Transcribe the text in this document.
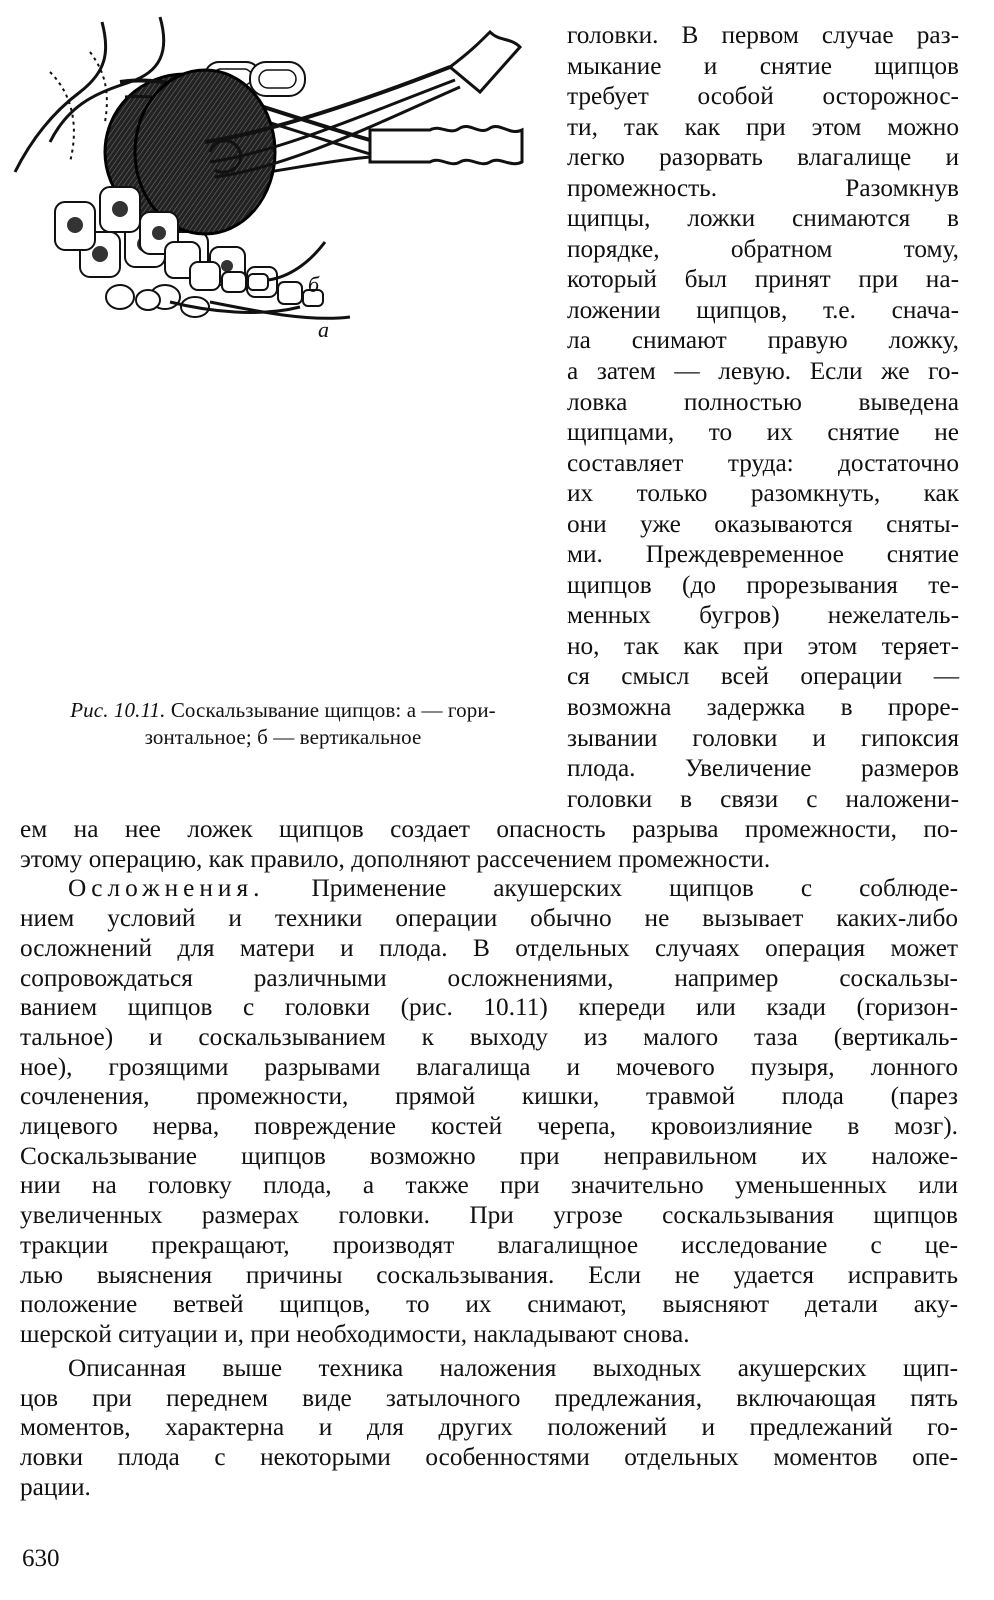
а
б
Рис. 10.11. Соскальзывание щипцов: а — гори-
зонтальное; б — вертикальное
головки. В первом случае раз-
мыкание и снятие щипцов
требует особой осторожнос-
ти, так как при этом можно
легко разорвать влагалище и
промежность. Разомкнув
щипцы, ложки снимаются в
порядке, обратном тому,
который был принят при на-
ложении щипцов, т.е. снача-
ла снимают правую ложку,
а затем — левую. Если же го-
ловка полностью выведена
щипцами, то их снятие не
составляет труда: достаточно
их только разомкнуть, как
они уже оказываются сняты-
ми. Преждевременное снятие
щипцов (до прорезывания те-
менных бугров) нежелатель-
но, так как при этом теряет-
ся смысл всей операции —
возможна задержка в проре-
зывании головки и гипоксия
плода. Увеличение размеров
головки в связи с наложени-
ем на нее ложек щипцов создает опасность разрыва промежности, по-
этому операцию, как правило, дополняют рассечением промежности.
Осложнения. Применение акушерских щипцов с соблюде-
нием условий и техники операции обычно не вызывает каких-либо
осложнений для матери и плода. В отдельных случаях операция может
сопровождаться различными осложнениями, например соскальзы-
ванием щипцов с головки (рис. 10.11) кпереди или кзади (горизон-
тальное) и соскальзыванием к выходу из малого таза (вертикаль-
ное), грозящими разрывами влагалища и мочевого пузыря, лонного
сочленения, промежности, прямой кишки, травмой плода (парез
лицевого нерва, повреждение костей черепа, кровоизлияние в мозг).
Соскальзывание щипцов возможно при неправильном их наложе-
нии на головку плода, а также при значительно уменьшенных или
увеличенных размерах головки. При угрозе соскальзывания щипцов
тракции прекращают, производят влагалищное исследование с це-
лью выяснения причины соскальзывания. Если не удается исправить
положение ветвей щипцов, то их снимают, выясняют детали аку-
шерской ситуации и, при необходимости, накладывают снова.
Описанная выше техника наложения выходных акушерских щип-
цов при переднем виде затылочного предлежания, включающая пять
моментов, характерна и для других положений и предлежаний го-
ловки плода с некоторыми особенностями отдельных моментов опе-
рации.
630
